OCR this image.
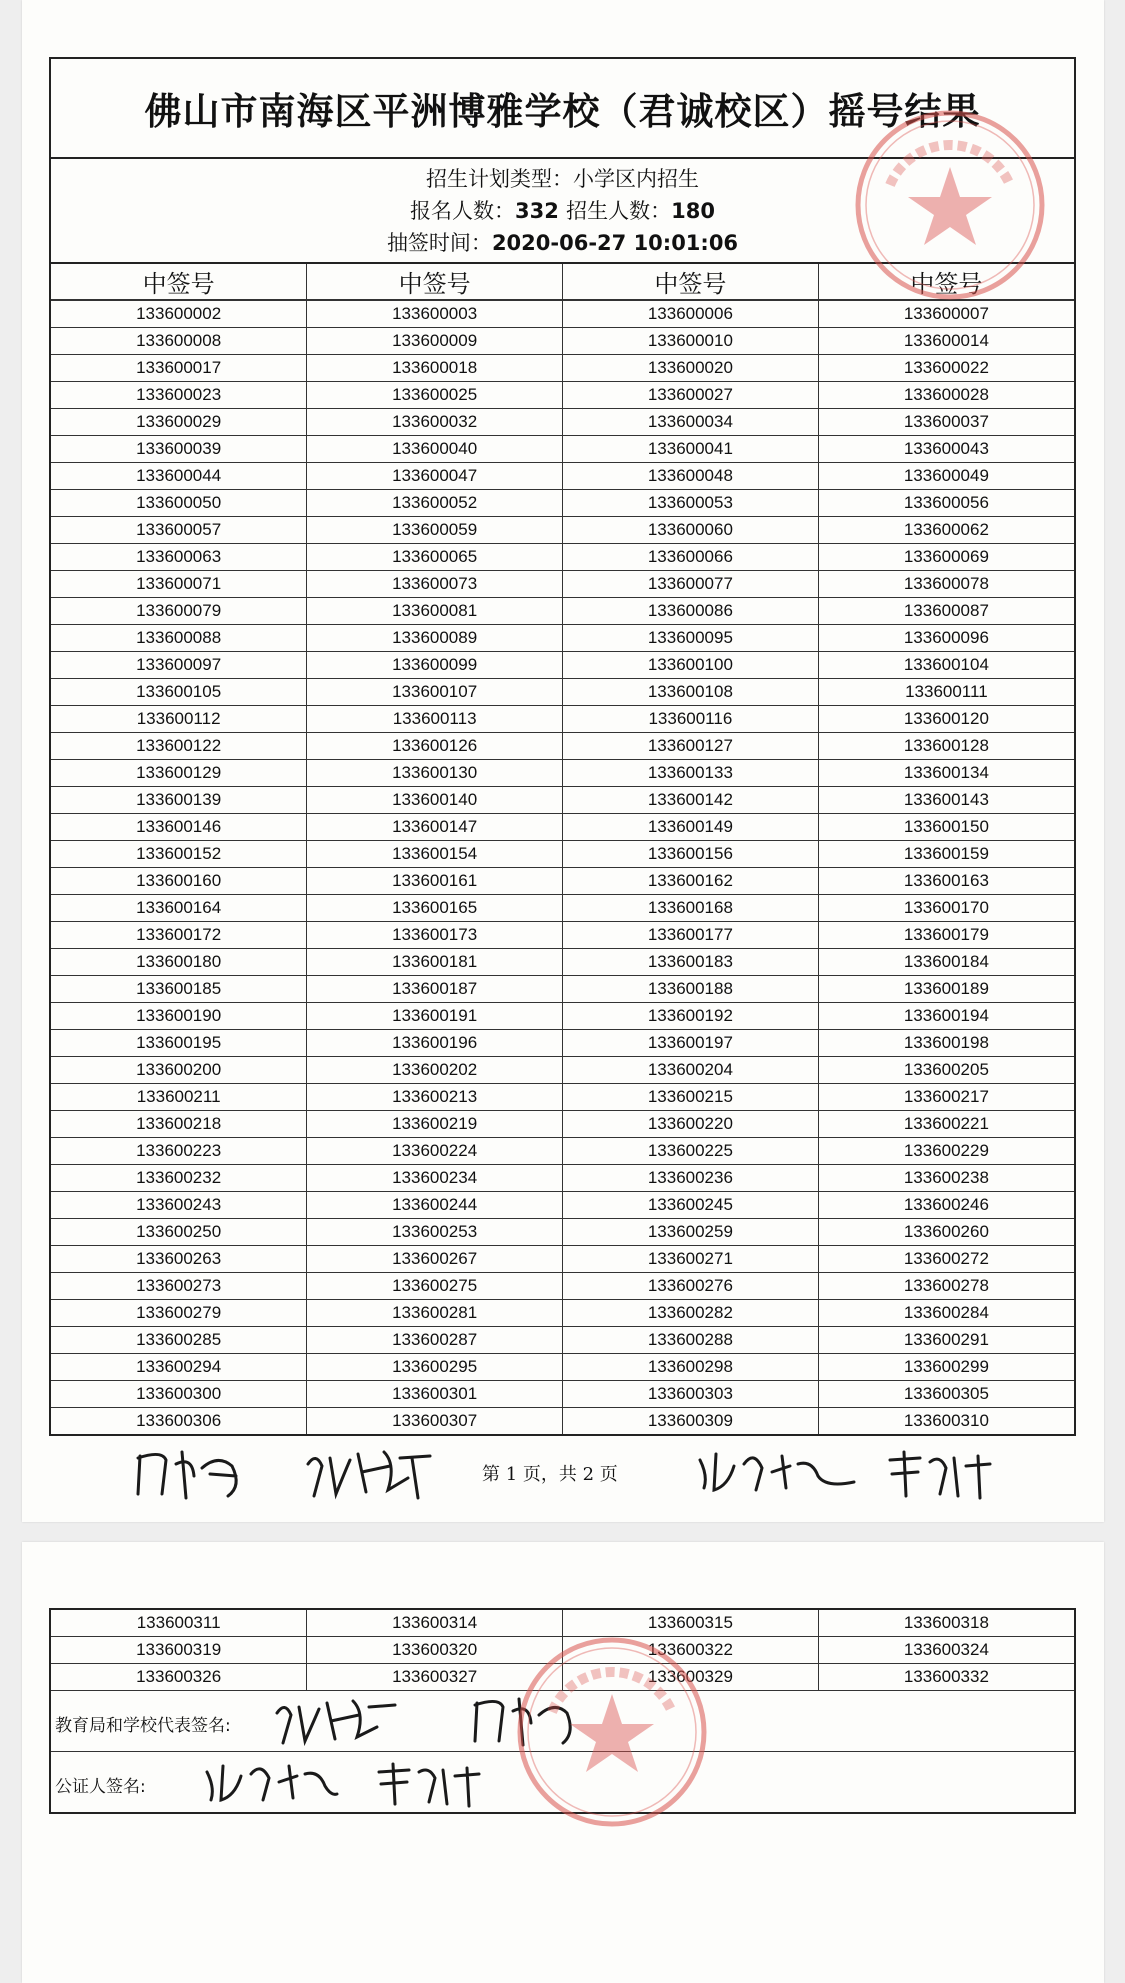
佛山市南海区平洲博雅学校（君诚校区）摇号结果
招生计划类型：小学区内招生
报名人数：332 招生人数：180
抽签时间：2020-06-27 10:01:06
中签号	中签号	中签号	中签号
133600002	133600003	133600006	133600007
133600008	133600009	133600010	133600014
133600017	133600018	133600020	133600022
133600023	133600025	133600027	133600028
133600029	133600032	133600034	133600037
133600039	133600040	133600041	133600043
133600044	133600047	133600048	133600049
133600050	133600052	133600053	133600056
133600057	133600059	133600060	133600062
133600063	133600065	133600066	133600069
133600071	133600073	133600077	133600078
133600079	133600081	133600086	133600087
133600088	133600089	133600095	133600096
133600097	133600099	133600100	133600104
133600105	133600107	133600108	133600111
133600112	133600113	133600116	133600120
133600122	133600126	133600127	133600128
133600129	133600130	133600133	133600134
133600139	133600140	133600142	133600143
133600146	133600147	133600149	133600150
133600152	133600154	133600156	133600159
133600160	133600161	133600162	133600163
133600164	133600165	133600168	133600170
133600172	133600173	133600177	133600179
133600180	133600181	133600183	133600184
133600185	133600187	133600188	133600189
133600190	133600191	133600192	133600194
133600195	133600196	133600197	133600198
133600200	133600202	133600204	133600205
133600211	133600213	133600215	133600217
133600218	133600219	133600220	133600221
133600223	133600224	133600225	133600229
133600232	133600234	133600236	133600238
133600243	133600244	133600245	133600246
133600250	133600253	133600259	133600260
133600263	133600267	133600271	133600272
133600273	133600275	133600276	133600278
133600279	133600281	133600282	133600284
133600285	133600287	133600288	133600291
133600294	133600295	133600298	133600299
133600300	133600301	133600303	133600305
133600306	133600307	133600309	133600310
第 1 页，共 2 页
133600311	133600314	133600315	133600318
133600319	133600320	133600322	133600324
133600326	133600327	133600329	133600332
教育局和学校代表签名:
公证人签名:
